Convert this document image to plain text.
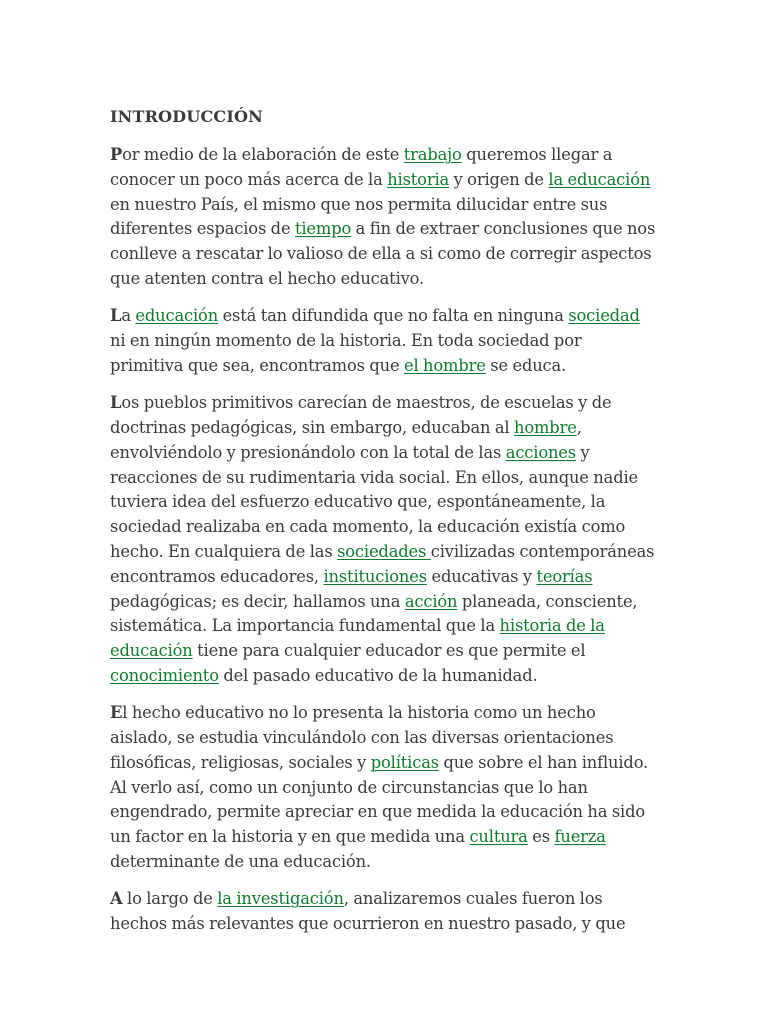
INTRODUCCIÓN

Por medio de la elaboración de este trabajo queremos llegar a conocer un poco más acerca de la historia y origen de la educación en nuestro País, el mismo que nos permita dilucidar entre sus diferentes espacios de tiempo a fin de extraer conclusiones que nos conlleve a rescatar lo valioso de ella a si como de corregir aspectos que atenten contra el hecho educativo.

La educación está tan difundida que no falta en ninguna sociedad ni en ningún momento de la historia. En toda sociedad por primitiva que sea, encontramos que el hombre se educa.

Los pueblos primitivos carecían de maestros, de escuelas y de doctrinas pedagógicas, sin embargo, educaban al hombre, envolviéndolo y presionándolo con la total de las acciones y reacciones de su rudimentaria vida social. En ellos, aunque nadie tuviera idea del esfuerzo educativo que, espontáneamente, la sociedad realizaba en cada momento, la educación existía como hecho. En cualquiera de las sociedades civilizadas contemporáneas encontramos educadores, instituciones educativas y teorías pedagógicas; es decir, hallamos una acción planeada, consciente, sistemática. La importancia fundamental que la historia de la educación tiene para cualquier educador es que permite el conocimiento del pasado educativo de la humanidad.

El hecho educativo no lo presenta la historia como un hecho aislado, se estudia vinculándolo con las diversas orientaciones filosóficas, religiosas, sociales y políticas que sobre el han influido. Al verlo así, como un conjunto de circunstancias que lo han engendrado, permite apreciar en que medida la educación ha sido un factor en la historia y en que medida una cultura es fuerza determinante de una educación.

A lo largo de la investigación, analizaremos cuales fueron los hechos más relevantes que ocurrieron en nuestro pasado, y que
